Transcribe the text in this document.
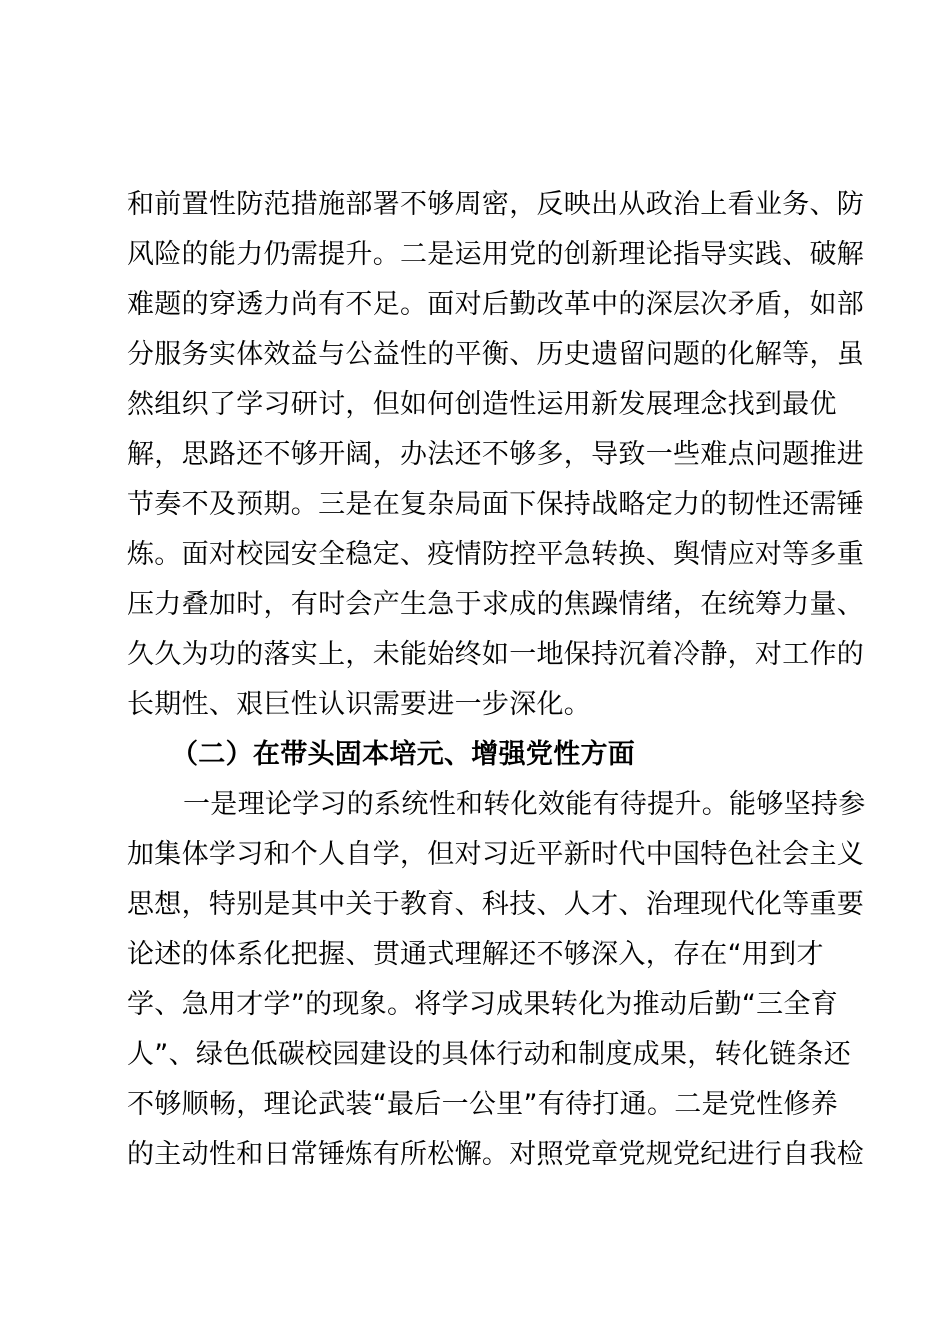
和前置性防范措施部署不够周密，反映出从政治上看业务、防
风险的能力仍需提升。二是运用党的创新理论指导实践、破解
难题的穿透力尚有不足。面对后勤改革中的深层次矛盾，如部
分服务实体效益与公益性的平衡、历史遗留问题的化解等，虽
然组织了学习研讨，但如何创造性运用新发展理念找到最优
解，思路还不够开阔，办法还不够多，导致一些难点问题推进
节奏不及预期。三是在复杂局面下保持战略定力的韧性还需锤
炼。面对校园安全稳定、疫情防控平急转换、舆情应对等多重
压力叠加时，有时会产生急于求成的焦躁情绪，在统筹力量、
久久为功的落实上，未能始终如一地保持沉着冷静，对工作的
长期性、艰巨性认识需要进一步深化。
（二）在带头固本培元、增强党性方面
一是理论学习的系统性和转化效能有待提升。能够坚持参
加集体学习和个人自学，但对习近平新时代中国特色社会主义
思想，特别是其中关于教育、科技、人才、治理现代化等重要
论述的体系化把握、贯通式理解还不够深入，存在“用到才
学、急用才学”的现象。将学习成果转化为推动后勤“三全育
人”、绿色低碳校园建设的具体行动和制度成果，转化链条还
不够顺畅，理论武装“最后一公里”有待打通。二是党性修养
的主动性和日常锤炼有所松懈。对照党章党规党纪进行自我检
